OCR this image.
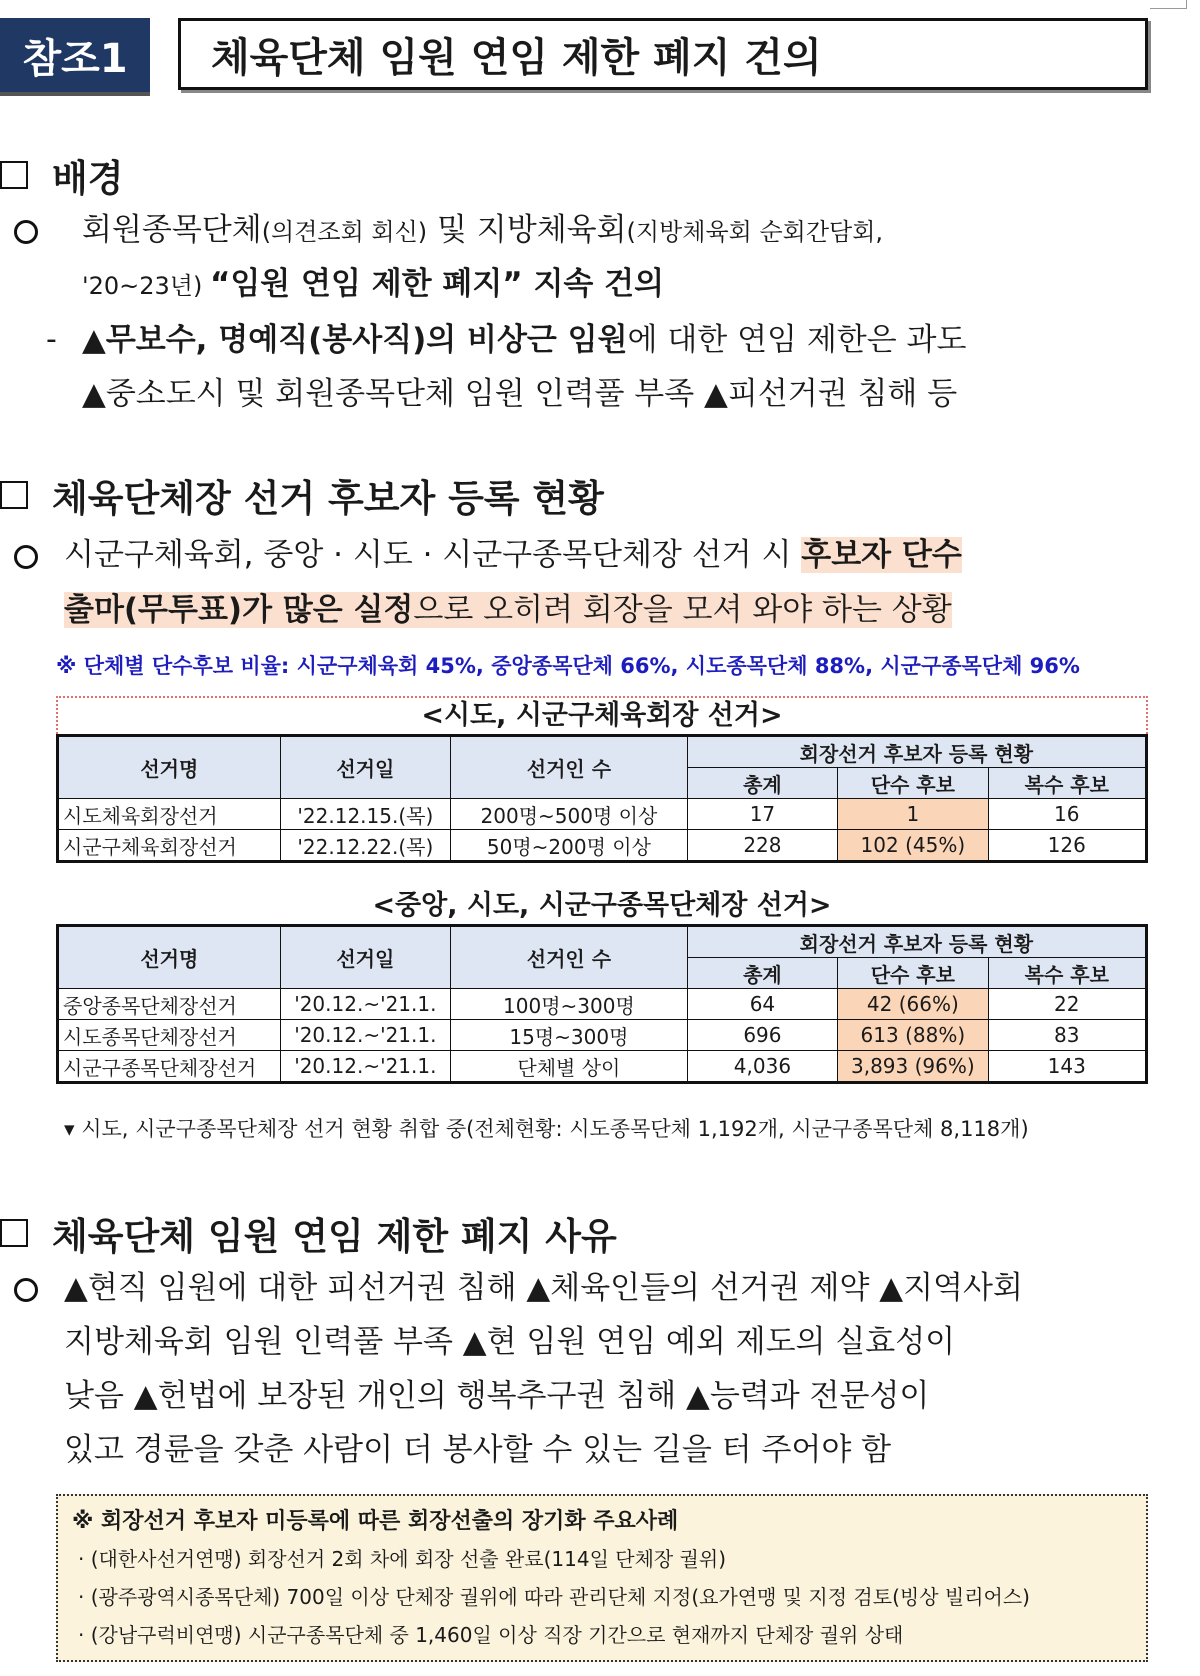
참조1	체육단체 임원 연임 제한 폐지 건의
배경
회원종목단체(의견조회 회신) 및 지방체육회(지방체육회 순회간담회,
'20~23년) “임원 연임 제한 폐지” 지속 건의
- ▲무보수, 명예직(봉사직)의 비상근 임원에 대한 연임 제한은 과도
▲중소도시 및 회원종목단체 임원 인력풀 부족 ▲피선거권 침해 등
체육단체장 선거 후보자 등록 현황
시군구체육회, 중앙 · 시도 · 시군구종목단체장 선거 시 후보자 단수
출마(무투표)가 많은 실정으로 오히려 회장을 모셔 와야 하는 상황
※ 단체별 단수후보 비율: 시군구체육회 45%, 중앙종목단체 66%, 시도종목단체 88%, 시군구종목단체 96%
<시도, 시군구체육회장 선거>
선거명	선거일	선거인 수	회장선거 후보자 등록 현황		
			총계	단수 후보	복수 후보
시도체육회장선거	'22.12.15.(목)	200명~500명 이상	17	1	16
시군구체육회장선거	'22.12.22.(목)	50명~200명 이상	228	102 (45%)	126
<중앙, 시도, 시군구종목단체장 선거>
선거명	선거일	선거인 수	회장선거 후보자 등록 현황		
			총계	단수 후보	복수 후보
중앙종목단체장선거	'20.12.~'21.1.	100명~300명	64	42 (66%)	22
시도종목단체장선거	'20.12.~'21.1.	15명~300명	696	613 (88%)	83
시군구종목단체장선거	'20.12.~'21.1.	단체별 상이	4,036	3,893 (96%)	143
▾ 시도, 시군구종목단체장 선거 현황 취합 중(전체현황: 시도종목단체 1,192개, 시군구종목단체 8,118개)
체육단체 임원 연임 제한 폐지 사유
▲현직 임원에 대한 피선거권 침해 ▲체육인들의 선거권 제약 ▲지역사회
지방체육회 임원 인력풀 부족 ▲현 임원 연임 예외 제도의 실효성이
낮음 ▲헌법에 보장된 개인의 행복추구권 침해 ▲능력과 전문성이
있고 경륜을 갖춘 사람이 더 봉사할 수 있는 길을 터 주어야 함
※ 회장선거 후보자 미등록에 따른 회장선출의 장기화 주요사례
· (대한사선거연맹) 회장선거 2회 차에 회장 선출 완료(114일 단체장 궐위)
· (광주광역시종목단체) 700일 이상 단체장 궐위에 따라 관리단체 지정(요가연맹 및 지정 검토(빙상 빌리어스)
· (강남구럭비연맹) 시군구종목단체 중 1,460일 이상 직장 기간으로 현재까지 단체장 궐위 상태
